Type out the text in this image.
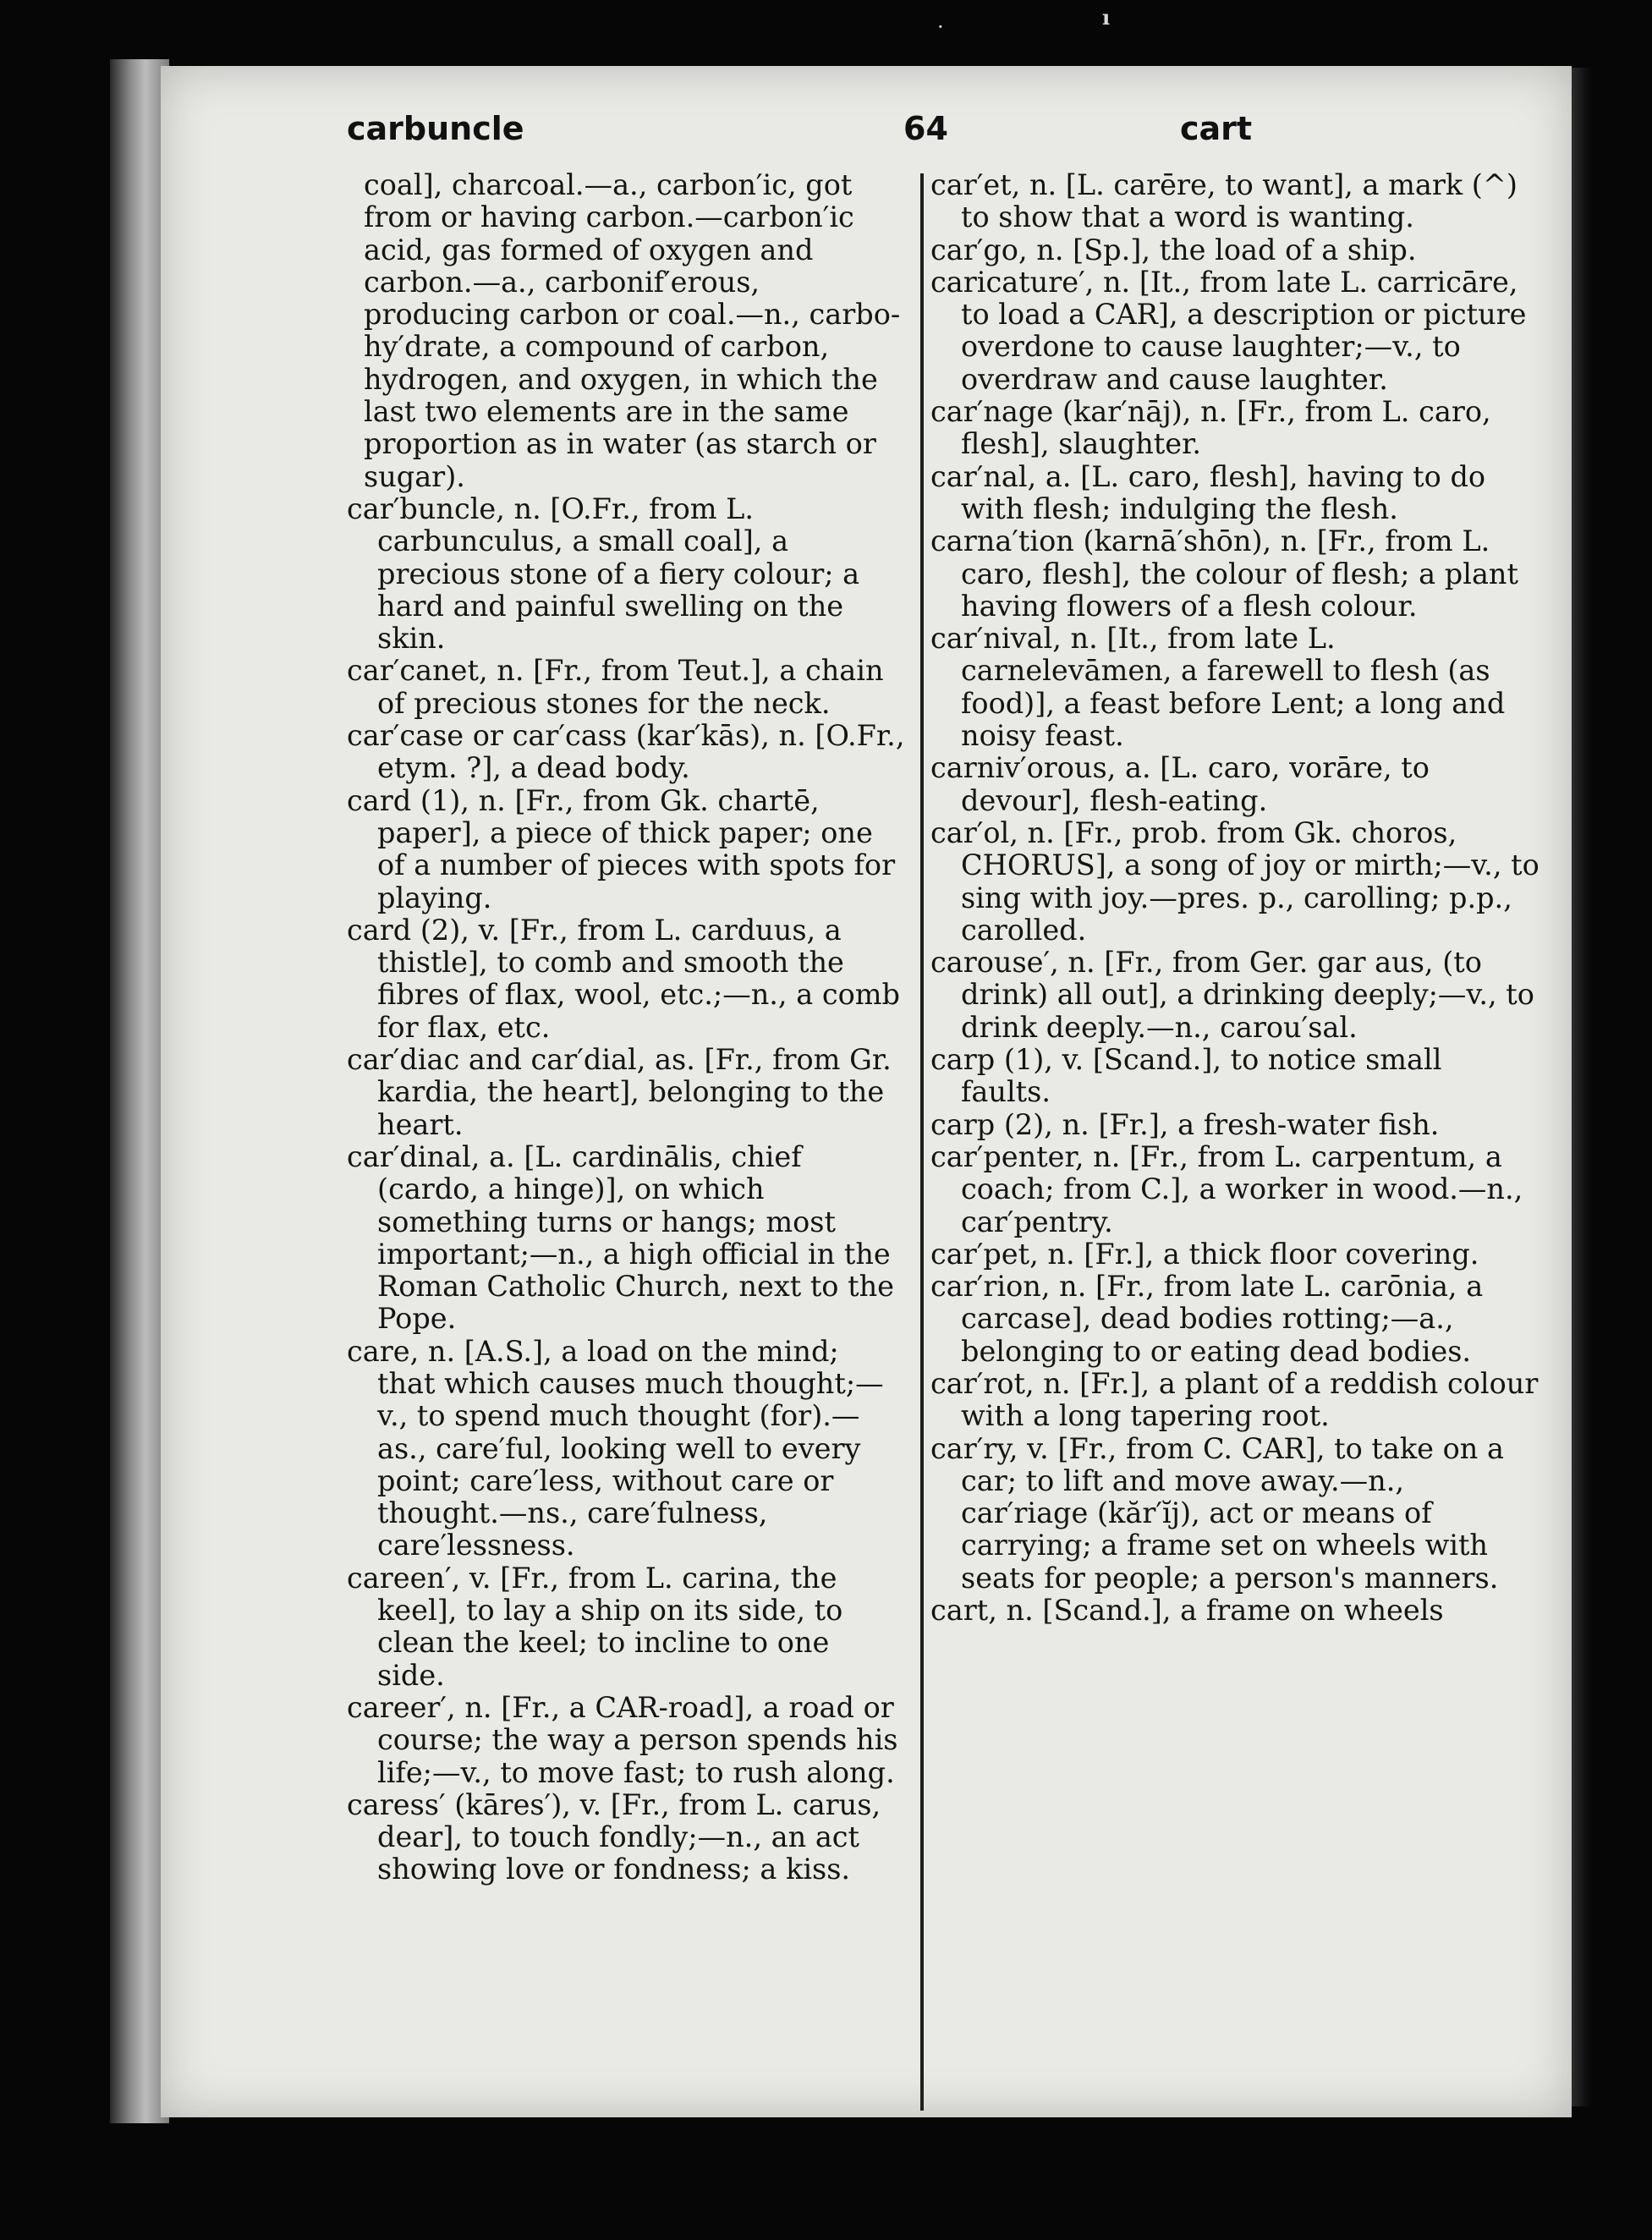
·	ı
carbuncle	64	cart

coal], charcoal.—a., carbon′ic, got from or having carbon.—carbon′ic acid, gas formed of oxygen and carbon.—a., carbonif′erous, producing carbon or coal.—n., carbo-hy′drate, a compound of carbon, hydrogen, and oxygen, in which the last two elements are in the same proportion as in water (as starch or sugar).

car′buncle, n. [O.Fr., from L. carbunculus, a small coal], a precious stone of a fiery colour; a hard and painful swelling on the skin.

car′canet, n. [Fr., from Teut.], a chain of precious stones for the neck.

car′case or car′cass (kar′kās), n. [O.Fr., etym. ?], a dead body.

card (1), n. [Fr., from Gk. chartē, paper], a piece of thick paper; one of a number of pieces with spots for playing.

card (2), v. [Fr., from L. carduus, a thistle], to comb and smooth the fibres of flax, wool, etc.;—n., a comb for flax, etc.

car′diac and car′dial, as. [Fr., from Gr. kardia, the heart], belonging to the heart.

car′dinal, a. [L. cardinālis, chief (cardo, a hinge)], on which something turns or hangs; most important;—n., a high official in the Roman Catholic Church, next to the Pope.

care, n. [A.S.], a load on the mind; that which causes much thought;—v., to spend much thought (for).—as., care′ful, looking well to every point; care′less, without care or thought.—ns., care′fulness, care′lessness.

careen′, v. [Fr., from L. carina, the keel], to lay a ship on its side, to clean the keel; to incline to one side.

career′, n. [Fr., a CAR-road], a road or course; the way a person spends his life;—v., to move fast; to rush along.

caress′ (kāres′), v. [Fr., from L. carus, dear], to touch fondly;—n., an act showing love or fondness; a kiss.

car′et, n. [L. carēre, to want], a mark (^) to show that a word is wanting.

car′go, n. [Sp.], the load of a ship.

caricature′, n. [It., from late L. carricāre, to load a CAR], a description or picture overdone to cause laughter;—v., to overdraw and cause laughter.

car′nage (kar′nāj), n. [Fr., from L. caro, flesh], slaughter.

car′nal, a. [L. caro, flesh], having to do with flesh; indulging the flesh.

carna′tion (karnā′shōn), n. [Fr., from L. caro, flesh], the colour of flesh; a plant having flowers of a flesh colour.

car′nival, n. [It., from late L. carnelevāmen, a farewell to flesh (as food)], a feast before Lent; a long and noisy feast.

carniv′orous, a. [L. caro, vorāre, to devour], flesh-eating.

car′ol, n. [Fr., prob. from Gk. choros, CHORUS], a song of joy or mirth;—v., to sing with joy.—pres. p., carolling; p.p., carolled.

carouse′, n. [Fr., from Ger. gar aus, (to drink) all out], a drinking deeply;—v., to drink deeply.—n., carou′sal.

carp (1), v. [Scand.], to notice small faults.

carp (2), n. [Fr.], a fresh-water fish.

car′penter, n. [Fr., from L. carpentum, a coach; from C.], a worker in wood.—n., car′pentry.

car′pet, n. [Fr.], a thick floor covering.

car′rion, n. [Fr., from late L. carōnia, a carcase], dead bodies rotting;—a., belonging to or eating dead bodies.

car′rot, n. [Fr.], a plant of a reddish colour with a long tapering root.

car′ry, v. [Fr., from C. CAR], to take on a car; to lift and move away.—n., car′riage (kăr′ĭj), act or means of carrying; a frame set on wheels with seats for people; a person's manners.

cart, n. [Scand.], a frame on wheels
